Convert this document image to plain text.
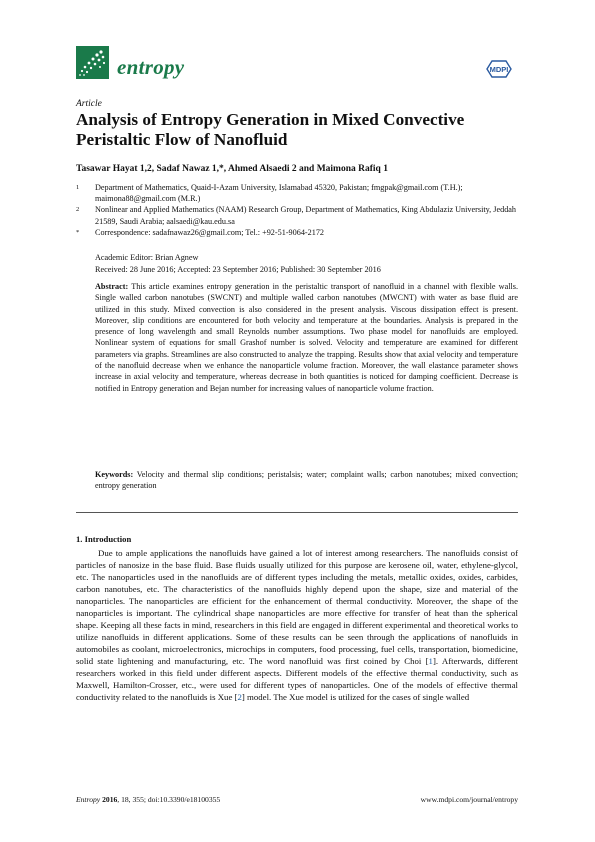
entropy	MDPI
Article
Analysis of Entropy Generation in Mixed Convective Peristaltic Flow of Nanofluid
Tasawar Hayat 1,2, Sadaf Nawaz 1,*, Ahmed Alsaedi 2 and Maimona Rafiq 1
1	Department of Mathematics, Quaid-I-Azam University, Islamabad 45320, Pakistan; fmgpak@gmail.com (T.H.); maimona88@gmail.com (M.R.)
2	Nonlinear and Applied Mathematics (NAAM) Research Group, Department of Mathematics, King Abdulaziz University, Jeddah 21589, Saudi Arabia; aalsaedi@kau.edu.sa
*	Correspondence: sadafnawaz26@gmail.com; Tel.: +92-51-9064-2172
Academic Editor: Brian Agnew
Received: 28 June 2016; Accepted: 23 September 2016; Published: 30 September 2016
Abstract: This article examines entropy generation in the peristaltic transport of nanofluid in a channel with flexible walls. Single walled carbon nanotubes (SWCNT) and multiple walled carbon nanotubes (MWCNT) with water as base fluid are utilized in this study. Mixed convection is also considered in the present analysis. Viscous dissipation effect is present. Moreover, slip conditions are encountered for both velocity and temperature at the boundaries. Analysis is prepared in the presence of long wavelength and small Reynolds number assumptions. Two phase model for nanofluids are employed. Nonlinear system of equations for small Grashof number is solved. Velocity and temperature are examined for different parameters via graphs. Streamlines are also constructed to analyze the trapping. Results show that axial velocity and temperature of the nanofluid decrease when we enhance the nanoparticle volume fraction. Moreover, the wall elastance parameter shows increase in axial velocity and temperature, whereas decrease in both quantities is noticed for damping coefficient. Decrease is notified in Entropy generation and Bejan number for increasing values of nanoparticle volume fraction.
Keywords: Velocity and thermal slip conditions; peristalsis; water; complaint walls; carbon nanotubes; mixed convection; entropy generation
1. Introduction

Due to ample applications the nanofluids have gained a lot of interest among researchers. The nanofluids consist of particles of nanosize in the base fluid. Base fluids usually utilized for this purpose are kerosene oil, water, ethylene-glycol, etc. The nanoparticles used in the nanofluids are of different types including the metals, metallic oxides, oxides, carbides, carbon nanotubes, etc. The characteristics of the nanofluids highly depend upon the shape, size and material of the nanoparticles. The nanoparticles are efficient for the enhancement of thermal conductivity. Moreover, the shape of the nanoparticles is important. The cylindrical shape nanoparticles are more effective for transfer of heat than the spherical shape. Keeping all these facts in mind, researchers in this field are engaged in different experimental and theoretical works to utilize nanofluids in different applications. Some of these results can be seen through the applications of nanofluids in automobiles as coolant, microelectronics, microchips in computers, food processing, fuel cells, transportation, biomedicine, solid state lightening and manufacturing, etc. The word nanofluid was first coined by Choi [1]. Afterwards, different researchers worked in this field under different aspects. Different models of the effective thermal conductivity, such as Maxwell, Hamilton-Crosser, etc., were used for different types of nanoparticles. One of the models of effective thermal conductivity related to the nanofluids is Xue [2] model. The Xue model is utilized for the cases of single walled

Entropy 2016, 18, 355; doi:10.3390/e18100355	www.mdpi.com/journal/entropy
